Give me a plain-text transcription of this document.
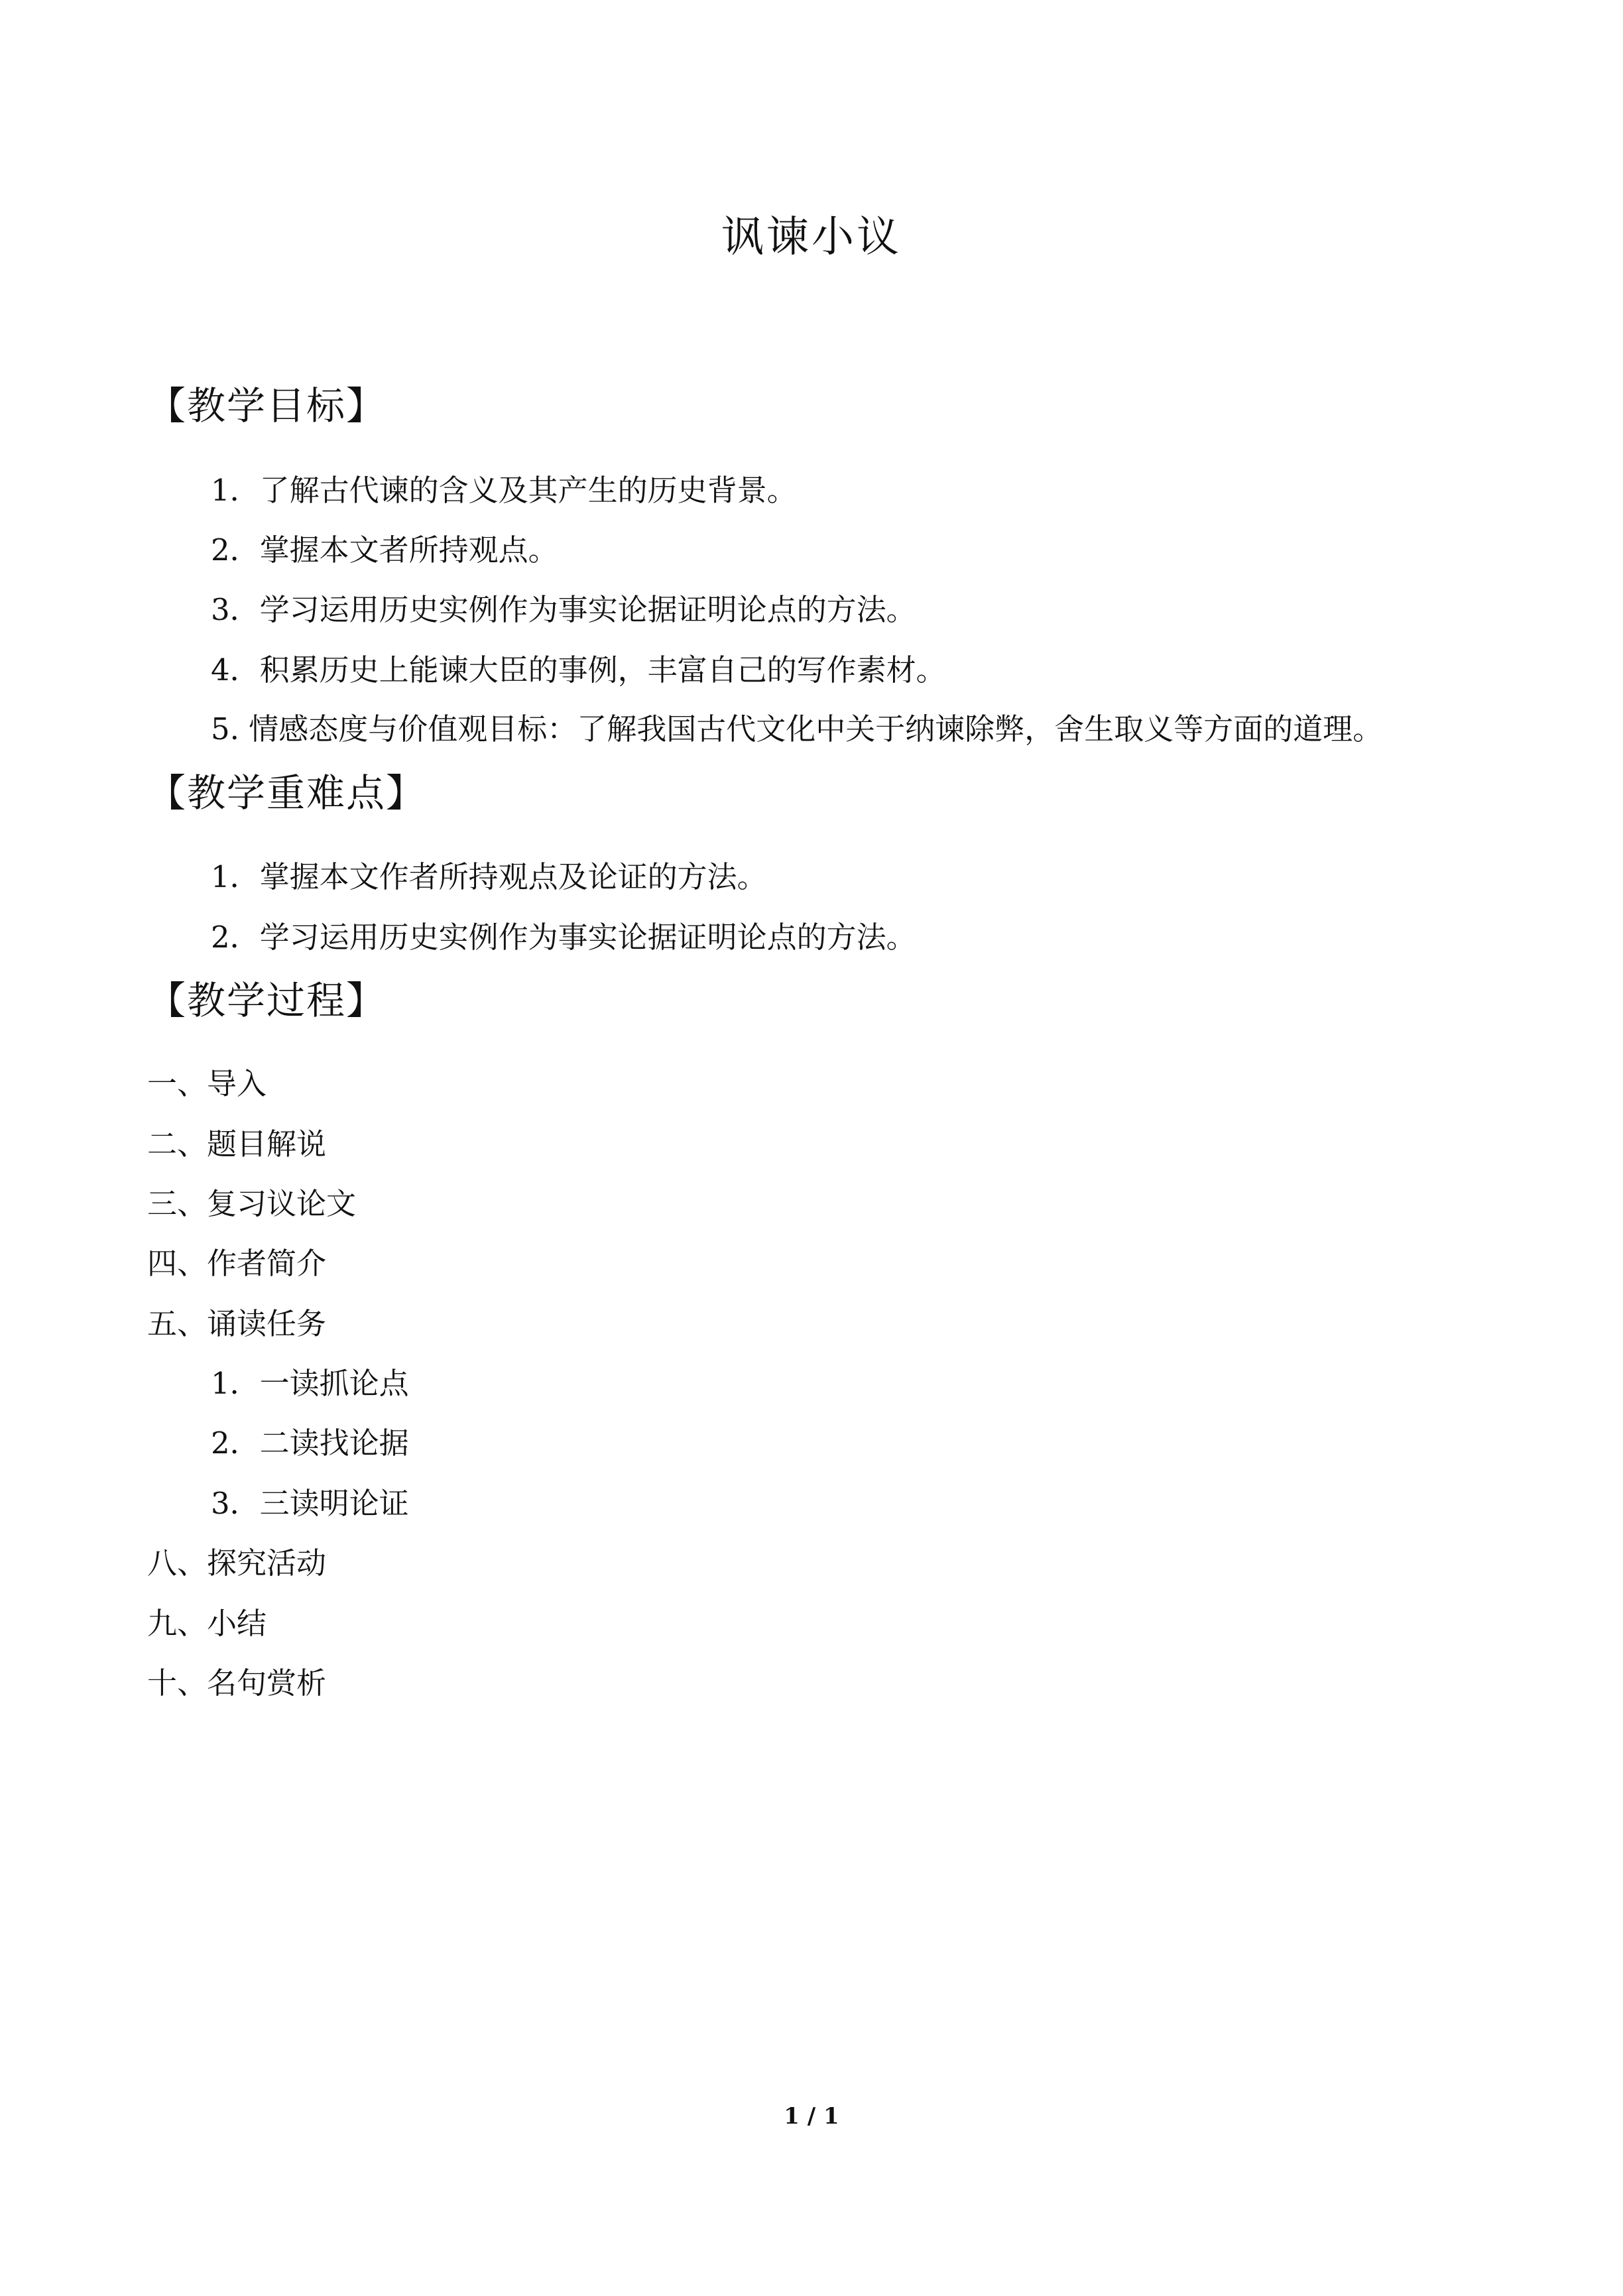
讽谏小议
【教学目标】
1．了解古代谏的含义及其产生的历史背景。
2．掌握本文者所持观点。
3．学习运用历史实例作为事实论据证明论点的方法。
4．积累历史上能谏大臣的事例，丰富自己的写作素材。
5. 情感态度与价值观目标：了解我国古代文化中关于纳谏除弊，舍生取义等方面的道理。
【教学重难点】
1．掌握本文作者所持观点及论证的方法。
2．学习运用历史实例作为事实论据证明论点的方法。
【教学过程】
一、导入
二、题目解说
三、复习议论文
四、作者简介
五、诵读任务
1．一读抓论点
2．二读找论据
3．三读明论证
八、探究活动
九、小结
十、名句赏析
1 / 1
